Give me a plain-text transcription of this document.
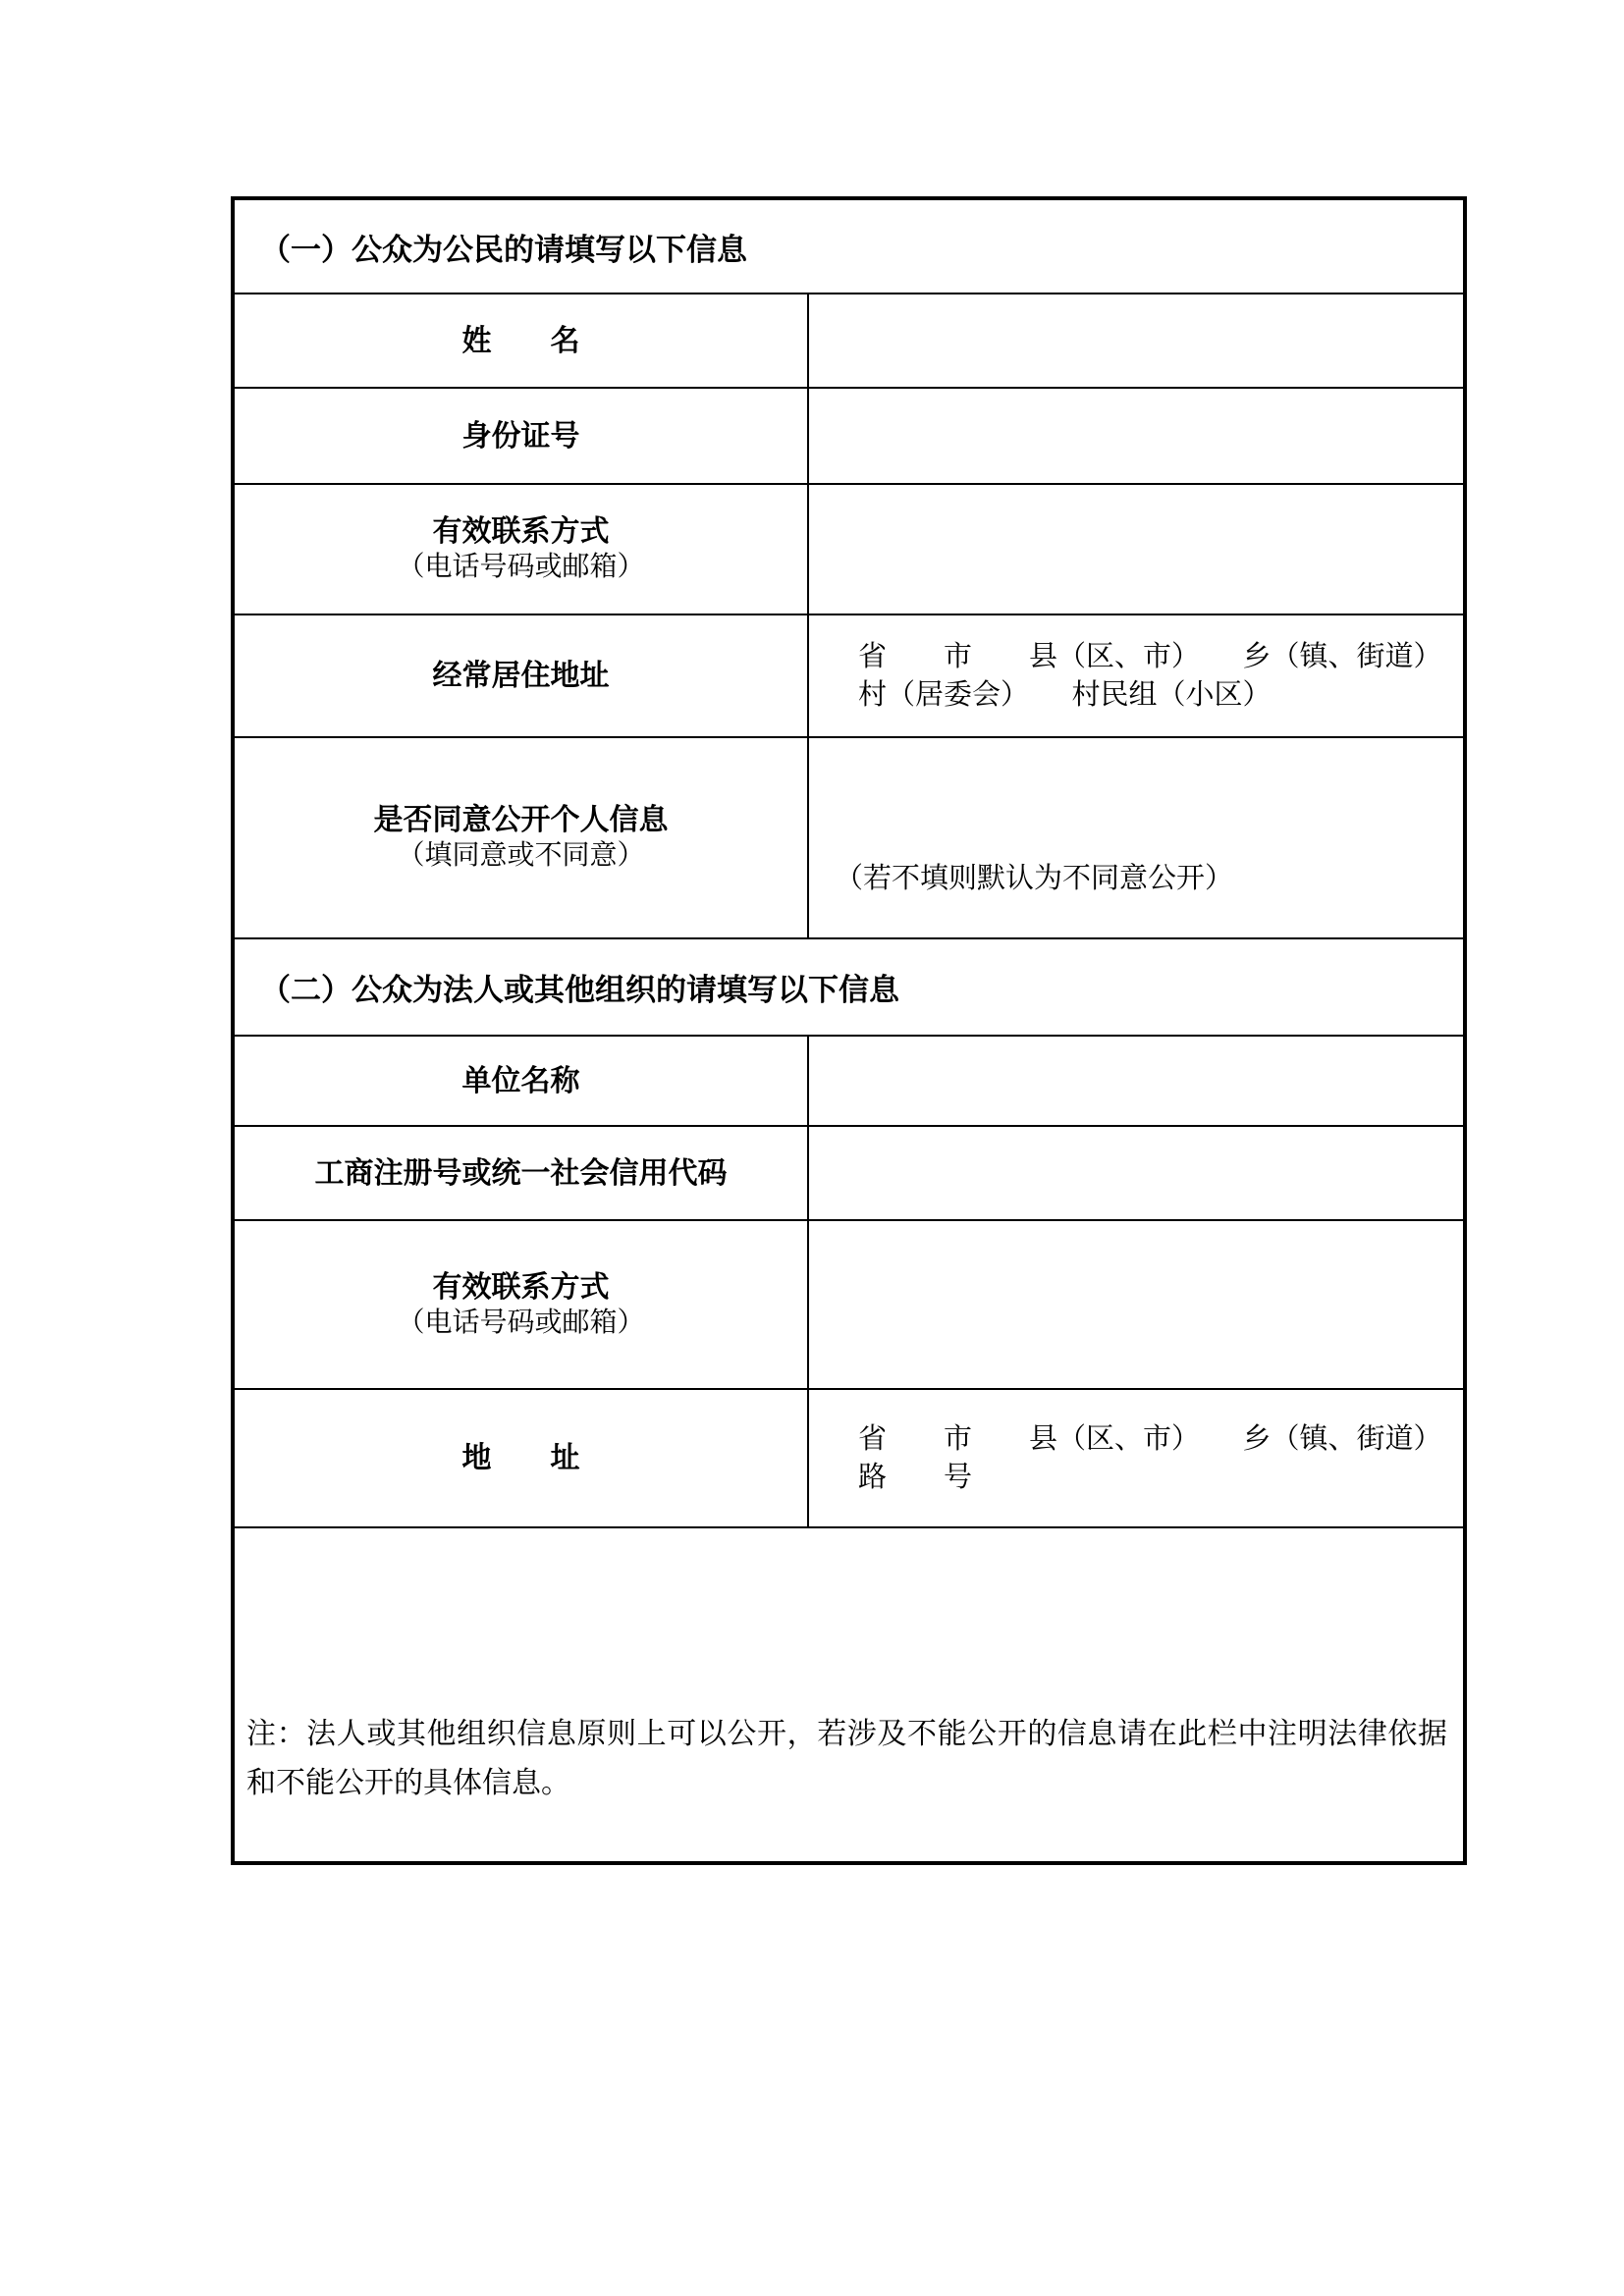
（一）公众为公民的请填写以下信息
姓　　名
身份证号
有效联系方式
（电话号码或邮箱）
经常居住地址
省　　市　　县（区、市）　　乡（镇、街道）
村（居委会）　　村民组（小区）
是否同意公开个人信息
（填同意或不同意）
（若不填则默认为不同意公开）
（二）公众为法人或其他组织的请填写以下信息
单位名称
工商注册号或统一社会信用代码
有效联系方式
（电话号码或邮箱）
地　　址
省　　市　　县（区、市）　　乡（镇、街道）
路　　号
注：法人或其他组织信息原则上可以公开，若涉及不能公开的信息请在此栏中注明法律依据和不能公开的具体信息。
